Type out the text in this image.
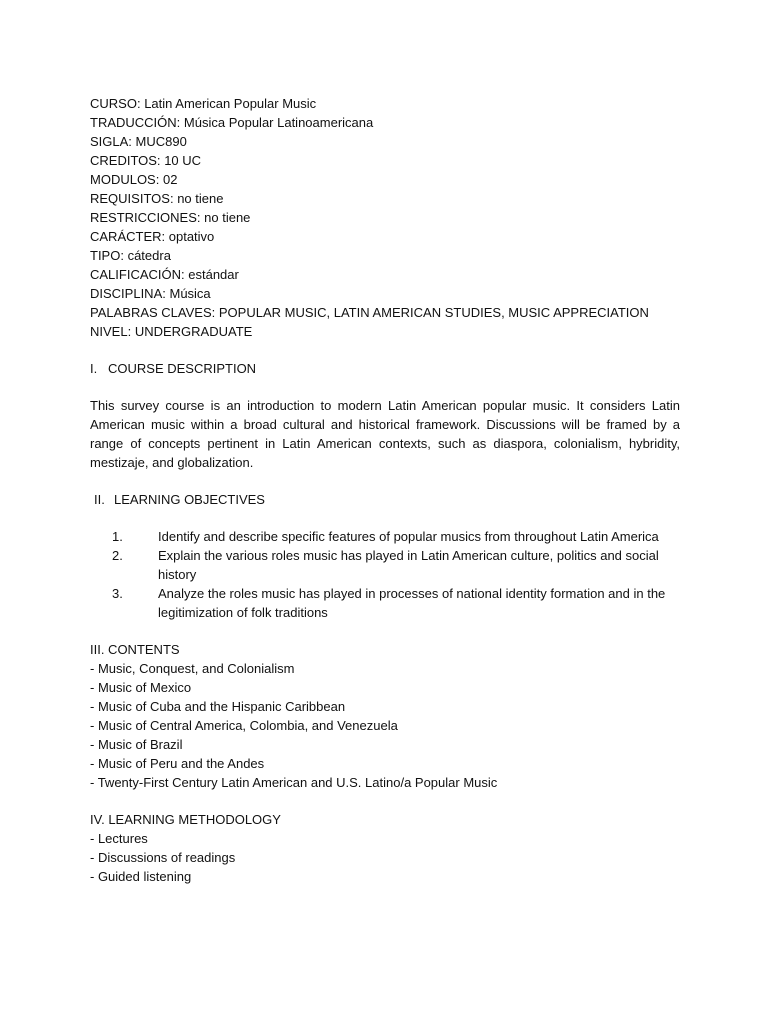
CURSO: Latin American Popular Music
TRADUCCIÓN: Música Popular Latinoamericana
SIGLA: MUC890
CREDITOS: 10 UC
MODULOS: 02
REQUISITOS: no tiene
RESTRICCIONES: no tiene
CARÁCTER: optativo
TIPO: cátedra
CALIFICACIÓN: estándar
DISCIPLINA: Música
PALABRAS CLAVES: POPULAR MUSIC, LATIN AMERICAN STUDIES, MUSIC APPRECIATION
NIVEL: UNDERGRADUATE
I. COURSE DESCRIPTION
This survey course is an introduction to modern Latin American popular music. It considers Latin American music within a broad cultural and historical framework. Discussions will be framed by a range of concepts pertinent in Latin American contexts, such as diaspora, colonialism, hybridity, mestizaje, and globalization.
II. LEARNING OBJECTIVES
1.	Identify and describe specific features of popular musics from throughout Latin America
2.	Explain the various roles music has played in Latin American culture, politics and social history
3.	Analyze the roles music has played in processes of national identity formation and in the legitimization of folk traditions
III. CONTENTS
- Music, Conquest, and Colonialism
- Music of Mexico
- Music of Cuba and the Hispanic Caribbean
- Music of Central America, Colombia, and Venezuela
- Music of Brazil
- Music of Peru and the Andes
- Twenty-First Century Latin American and U.S. Latino/a Popular Music
IV. LEARNING METHODOLOGY
- Lectures
- Discussions of readings
- Guided listening
